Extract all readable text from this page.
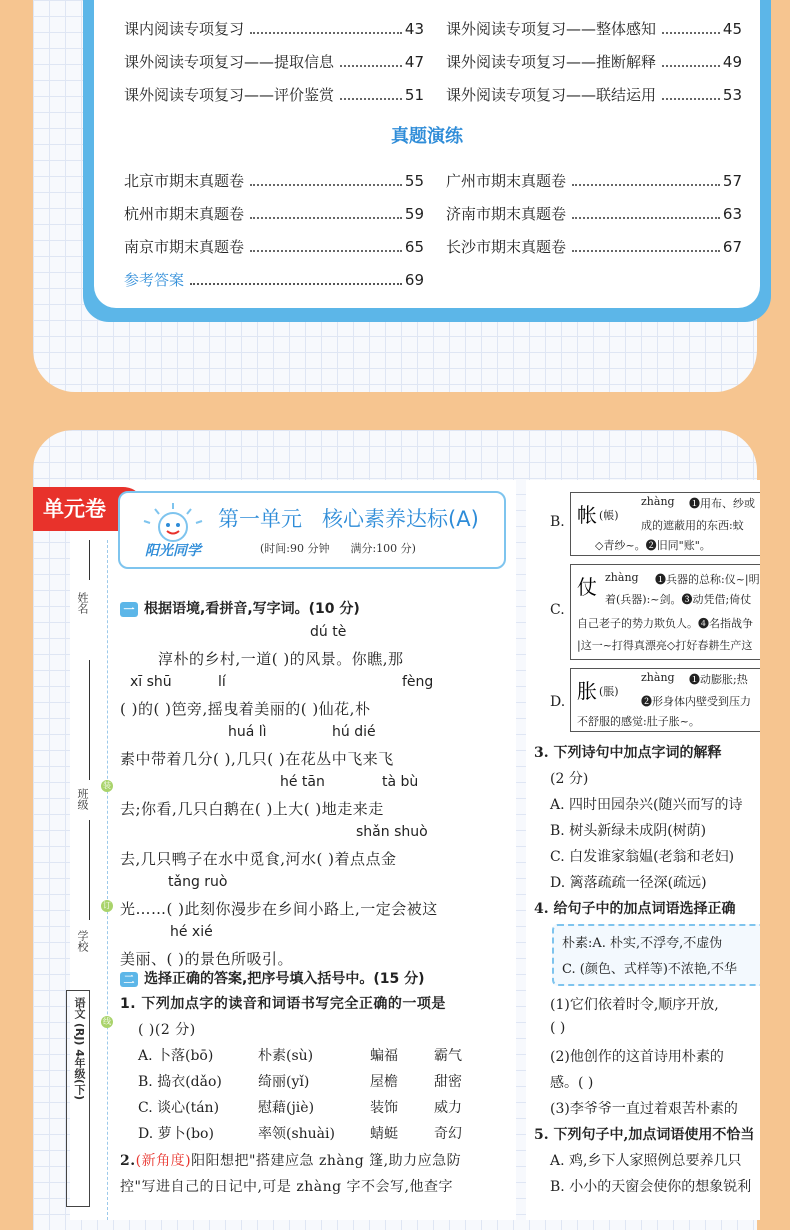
课内阅读专项复习	43 课外阅读专项复习——整体感知	45
课外阅读专项复习——提取信息	47 课外阅读专项复习——推断解释	49
课外阅读专项复习——评价鉴赏	51 课外阅读专项复习——联结运用	53
真题演练
北京市期末真题卷	55 广州市期末真题卷	57
杭州市期末真题卷	59 济南市期末真题卷	63
南京市期末真题卷	65 长沙市期末真题卷	67
参考答案	69
B. 帐 (帳)
zhàng ❶用布、纱或
成的遮蔽用的东西:蚊
◇青纱~。❷旧同"账"。
C.
仗 zhàng ❶兵器的总称:仪~|明
着(兵器):~剑。❸动凭借;倚仗
自己老子的势力欺负人。❹名指战争
|这一~打得真漂亮◇打好春耕生产这
D. 胀 (脹)
zhàng ❶动膨胀;热
❷形身体内壁受到压力
不舒服的感觉:肚子胀~。
3. 下列诗句中加点字词的解释
(2 分)
A. 四时田园杂兴(随兴而写的诗
B. 树头新绿未成阴(树荫)
C. 白发谁家翁媪(老翁和老妇)
D. 篱落疏疏一径深(疏远)
4. 给句子中的加点词语选择正确
朴素:A. 朴实,不浮夸,不虚伪
C. (颜色、式样等)不浓艳,不华
(1)它们依着时令,顺序开放,
( )
(2)他创作的这首诗用朴素的
感。( )
(3)李爷爷一直过着艰苦朴素的
5. 下列句子中,加点词语使用不恰当
A. 鸡,乡下人家照例总要养几只
B. 小小的天窗会使你的想象锐利
单元卷
阳光同学
第一单元   核心素养达标(A)
(时间:90 分钟      满分:100 分)
姓名
班级
学校
装
订
线
语文 (RJ) 4年级(下)
一 根据语境,看拼音,写字词。(10 分)
dú tè
淳朴的乡村,一道( )的风景。你瞧,那
xī shū	lí	fèng
( )的( )笆旁,摇曳着美丽的( )仙花,朴
huá lì	hú dié
素中带着几分( ),几只( )在花丛中飞来飞
hé tān	tà bù
去;你看,几只白鹅在( )上大( )地走来走
shǎn shuò
去,几只鸭子在水中觅食,河水( )着点点金
tǎng ruò
光……( )此刻你漫步在乡间小路上,一定会被这
hé xié
美丽、( )的景色所吸引。
二 选择正确的答案,把序号填入括号中。(15 分)
1. 下列加点字的读音和词语书写完全正确的一项是
( )(2 分)
A. 卜落(bō)	朴素(sù)	蝙福	霸气
B. 捣衣(dǎo)	绮丽(yǐ)	屋檐	甜密
C. 谈心(tán)	慰藉(jiè)	装饰	威力
D. 萝卜(bo)	率领(shuài)	蜻蜓	奇幻
2.(新角度)阳阳想把"搭建应急 zhàng 篷,助力应急防
控"写进自己的日记中,可是 zhàng 字不会写,他查字
